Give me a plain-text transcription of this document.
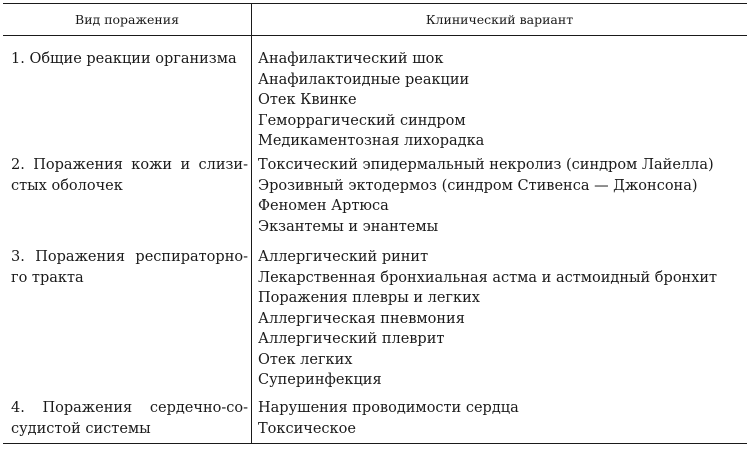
Вид поражения	Клинический вариант
1. Общие реакции организма	Анафилактический шок
Анафилактоидные реакции
Отек Квинке
Геморрагический синдром
Медикаментозная лихорадка
2. Поражения кожи и слизи-
стых оболочек
Токсический эпидермальный некролиз (синдром Лайелла)
Эрозивный эктодермоз (синдром Стивенса — Джонсона)
Феномен Артюса
Экзантемы и энантемы
3. Поражения респираторно-
го тракта
Аллергический ринит
Лекарственная бронхиальная астма и астмоидный бронхит
Поражения плевры и легких
Аллергическая пневмония
Аллергический плеврит
Отек легких
Суперинфекция
4. Поражения сердечно-со-
судистой системы
Нарушения проводимости сердца
Токсическое
